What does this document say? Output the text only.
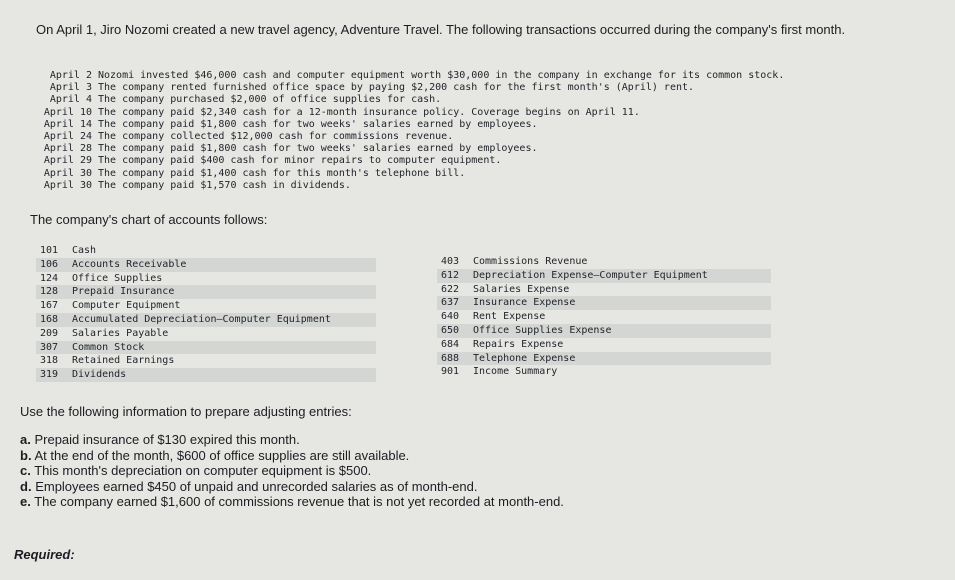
On April 1, Jiro Nozomi created a new travel agency, Adventure Travel. The following transactions occurred during the company's first month.
April 2 Nozomi invested $46,000 cash and computer equipment worth $30,000 in the company in exchange for its common stock.
April 3 The company rented furnished office space by paying $2,200 cash for the first month's (April) rent.
April 4 The company purchased $2,000 of office supplies for cash.
April 10 The company paid $2,340 cash for a 12-month insurance policy. Coverage begins on April 11.
April 14 The company paid $1,800 cash for two weeks' salaries earned by employees.
April 24 The company collected $12,000 cash for commissions revenue.
April 28 The company paid $1,800 cash for two weeks' salaries earned by employees.
April 29 The company paid $400 cash for minor repairs to computer equipment.
April 30 The company paid $1,400 cash for this month's telephone bill.
April 30 The company paid $1,570 cash in dividends.
The company's chart of accounts follows:
101 Cash
106 Accounts Receivable
124 Office Supplies
128 Prepaid Insurance
167 Computer Equipment
168 Accumulated Depreciation—Computer Equipment
209 Salaries Payable
307 Common Stock
318 Retained Earnings
319 Dividends
403 Commissions Revenue
612 Depreciation Expense—Computer Equipment
622 Salaries Expense
637 Insurance Expense
640 Rent Expense
650 Office Supplies Expense
684 Repairs Expense
688 Telephone Expense
901 Income Summary
Use the following information to prepare adjusting entries:
a. Prepaid insurance of $130 expired this month.
b. At the end of the month, $600 of office supplies are still available.
c. This month's depreciation on computer equipment is $500.
d. Employees earned $450 of unpaid and unrecorded salaries as of month-end.
e. The company earned $1,600 of commissions revenue that is not yet recorded at month-end.
Required:
